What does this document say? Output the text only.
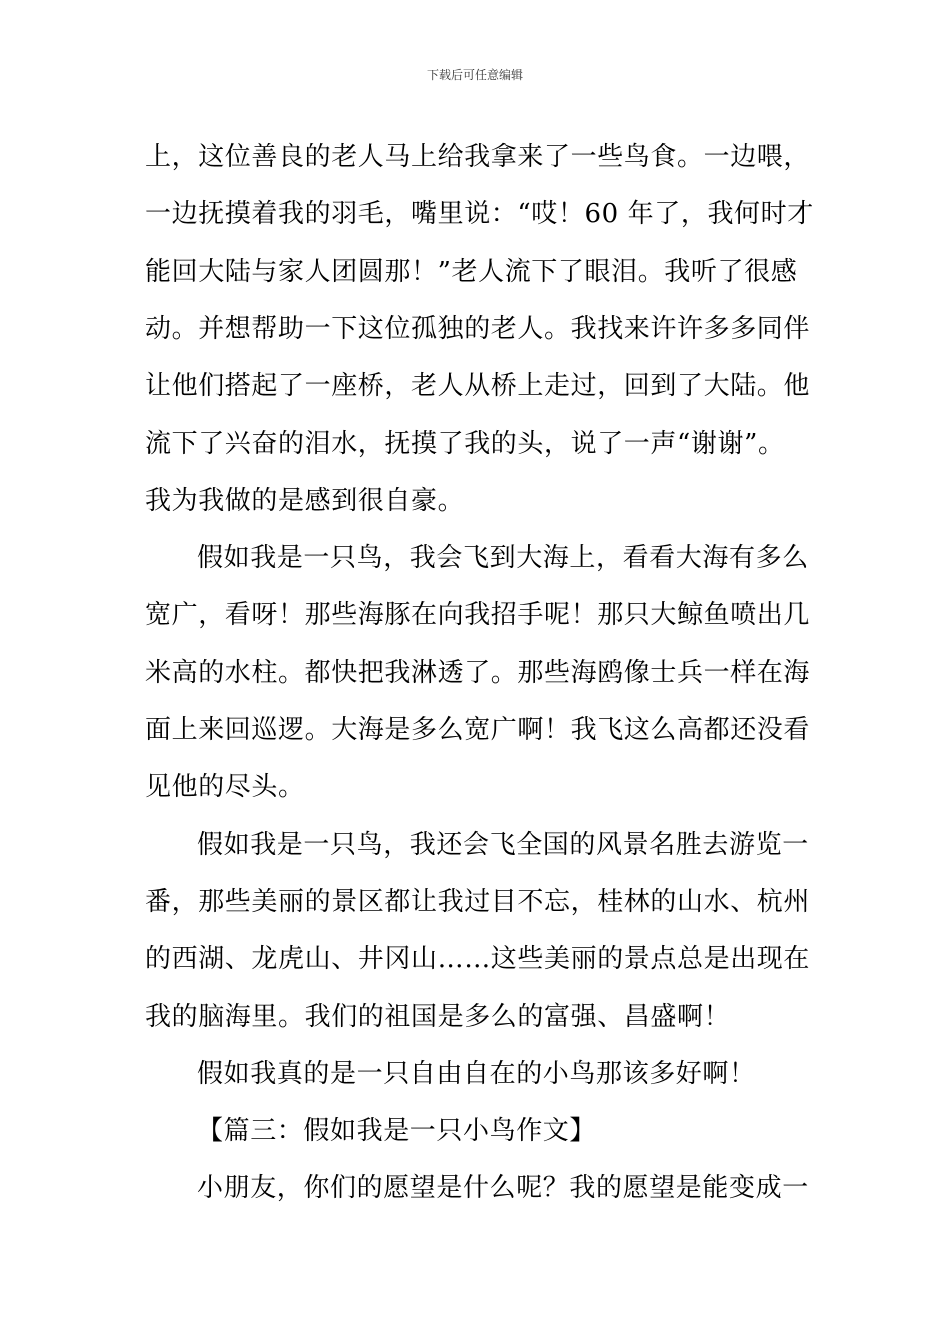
下载后可任意编辑
上，这位善良的老人马上给我拿来了一些鸟食。一边喂，
一边抚摸着我的羽毛，嘴里说：“哎！60 年了，我何时才
能回大陆与家人团圆那！”老人流下了眼泪。我听了很感
动。并想帮助一下这位孤独的老人。我找来许许多多同伴
让他们搭起了一座桥，老人从桥上走过，回到了大陆。他
流下了兴奋的泪水，抚摸了我的头，说了一声“谢谢”。
我为我做的是感到很自豪。
假如我是一只鸟，我会飞到大海上，看看大海有多么
宽广，看呀！那些海豚在向我招手呢！那只大鲸鱼喷出几
米高的水柱。都快把我淋透了。那些海鸥像士兵一样在海
面上来回巡逻。大海是多么宽广啊！我飞这么高都还没看
见他的尽头。
假如我是一只鸟，我还会飞全国的风景名胜去游览一
番，那些美丽的景区都让我过目不忘，桂林的山水、杭州
的西湖、龙虎山、井冈山……这些美丽的景点总是出现在
我的脑海里。我们的祖国是多么的富强、昌盛啊！
假如我真的是一只自由自在的小鸟那该多好啊！
【篇三：假如我是一只小鸟作文】
小朋友，你们的愿望是什么呢？我的愿望是能变成一
